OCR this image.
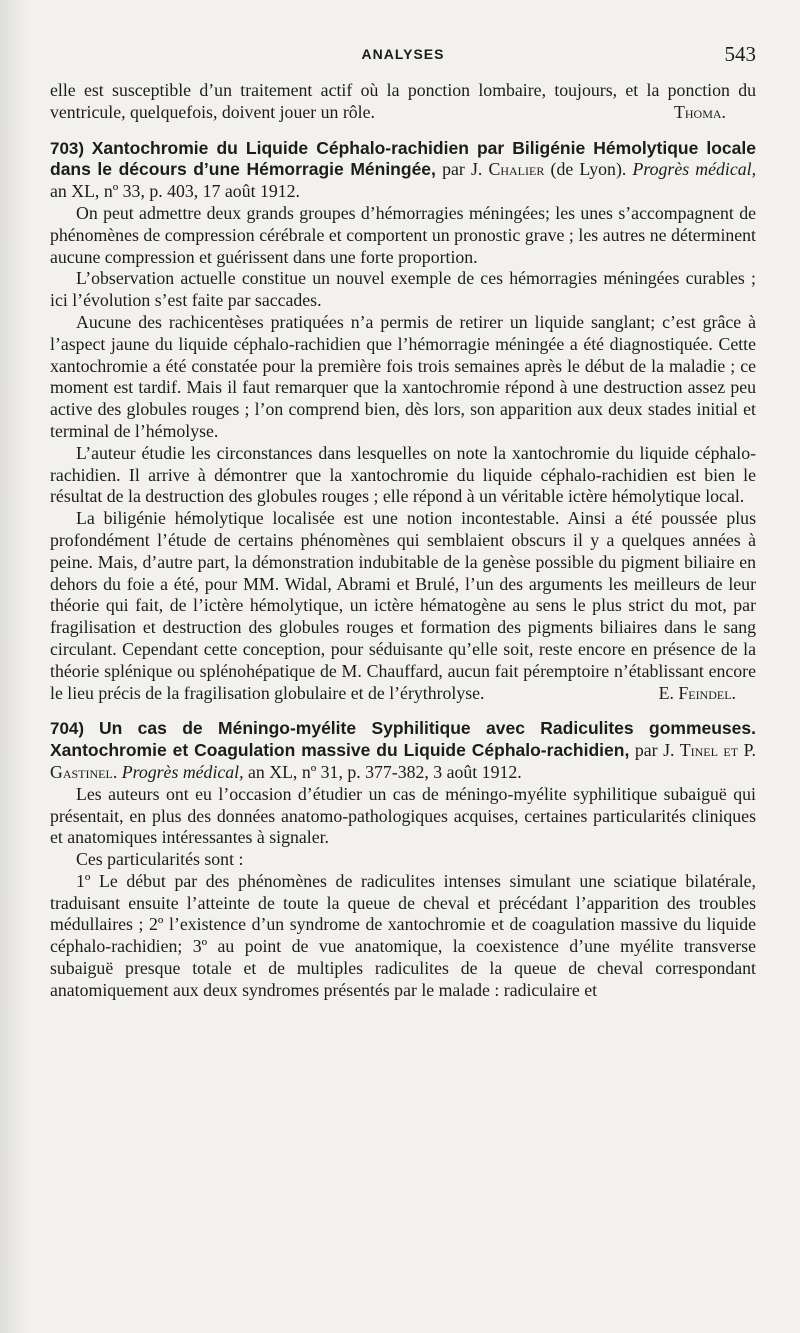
ANALYSES	543

elle est susceptible d’un traitement actif où la ponction lombaire, toujours, et la ponction du ventricule, quelquefois, doivent jouer un rôle.	Thoma.

703) Xantochromie du Liquide Céphalo-rachidien par Biligénie Hémolytique locale dans le décours d’une Hémorragie Méningée, par J. Chalier (de Lyon). Progrès médical, an XL, nº 33, p. 403, 17 août 1912.

On peut admettre deux grands groupes d’hémorragies méningées; les unes s’accompagnent de phénomènes de compression cérébrale et comportent un pronostic grave ; les autres ne déterminent aucune compression et guérissent dans une forte proportion.

L’observation actuelle constitue un nouvel exemple de ces hémorragies méningées curables ; ici l’évolution s’est faite par saccades.

Aucune des rachicentèses pratiquées n’a permis de retirer un liquide sanglant; c’est grâce à l’aspect jaune du liquide céphalo-rachidien que l’hémorragie méningée a été diagnostiquée. Cette xantochromie a été constatée pour la première fois trois semaines après le début de la maladie ; ce moment est tardif. Mais il faut remarquer que la xantochromie répond à une destruction assez peu active des globules rouges ; l’on comprend bien, dès lors, son apparition aux deux stades initial et terminal de l’hémolyse.

L’auteur étudie les circonstances dans lesquelles on note la xantochromie du liquide céphalo-rachidien. Il arrive à démontrer que la xantochromie du liquide céphalo-rachidien est bien le résultat de la destruction des globules rouges ; elle répond à un véritable ictère hémolytique local.

La biligénie hémolytique localisée est une notion incontestable. Ainsi a été poussée plus profondément l’étude de certains phénomènes qui semblaient obscurs il y a quelques années à peine. Mais, d’autre part, la démonstration indubitable de la genèse possible du pigment biliaire en dehors du foie a été, pour MM. Widal, Abrami et Brulé, l’un des arguments les meilleurs de leur théorie qui fait, de l’ictère hémolytique, un ictère hématogène au sens le plus strict du mot, par fragilisation et destruction des globules rouges et formation des pigments biliaires dans le sang circulant. Cependant cette conception, pour séduisante qu’elle soit, reste encore en présence de la théorie splénique ou splénohépatique de M. Chauffard, aucun fait péremptoire n’établissant encore le lieu précis de la fragilisation globulaire et de l’érythrolyse.	E. Feindel.

704) Un cas de Méningo-myélite Syphilitique avec Radiculites gommeuses. Xantochromie et Coagulation massive du Liquide Céphalo-rachidien, par J. Tinel et P. Gastinel. Progrès médical, an XL, nº 31, p. 377-382, 3 août 1912.

Les auteurs ont eu l’occasion d’étudier un cas de méningo-myélite syphilitique subaiguë qui présentait, en plus des données anatomo-pathologiques acquises, certaines particularités cliniques et anatomiques intéressantes à signaler.

Ces particularités sont :

1º Le début par des phénomènes de radiculites intenses simulant une sciatique bilatérale, traduisant ensuite l’atteinte de toute la queue de cheval et précédant l’apparition des troubles médullaires ; 2º l’existence d’un syndrome de xantochromie et de coagulation massive du liquide céphalo-rachidien; 3º au point de vue anatomique, la coexistence d’une myélite transverse subaiguë presque totale et de multiples radiculites de la queue de cheval correspondant anatomiquement aux deux syndromes présentés par le malade : radiculaire et
